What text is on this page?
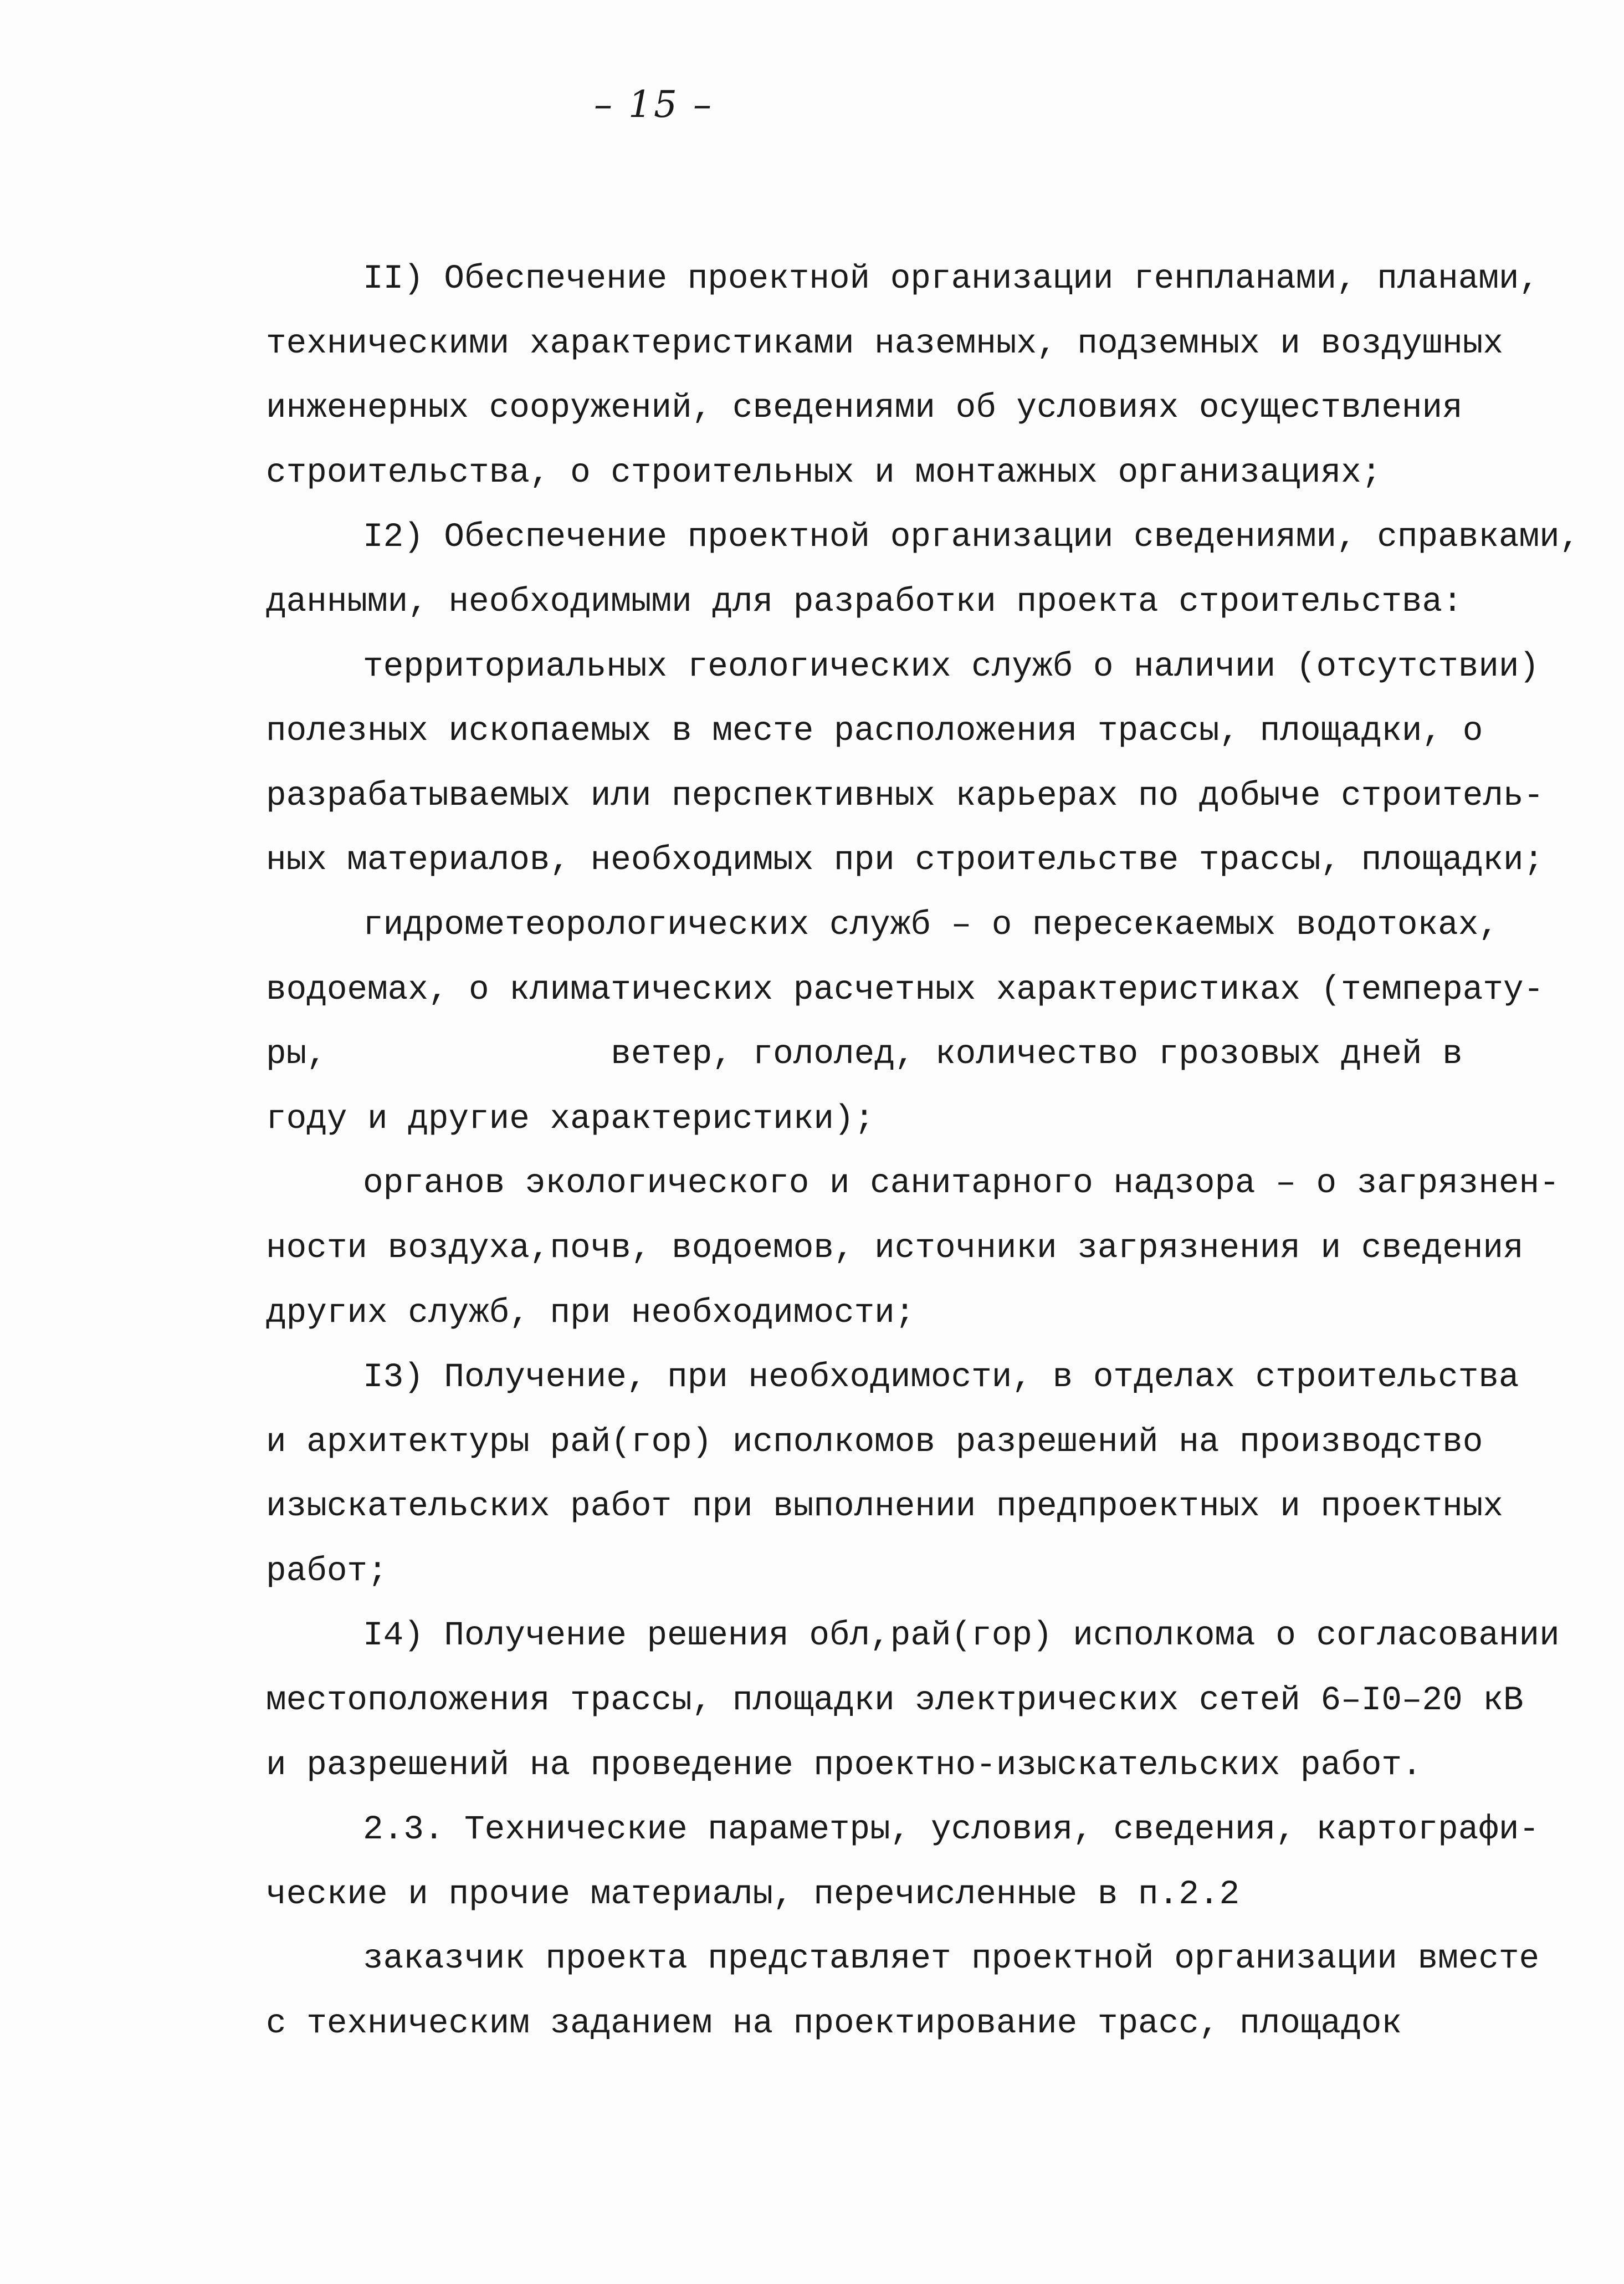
– 15 –
II) Обеспечение проектной организации генпланами, планами,
техническими характеристиками наземных, подземных и воздушных
инженерных сооружений, сведениями об условиях осуществления
строительства, о строительных и монтажных организациях;
I2) Обеспечение проектной организации сведениями, справками,
данными, необходимыми для разработки проекта строительства:
территориальных геологических служб о наличии (отсутствии)
полезных ископаемых в месте расположения трассы, площадки, о
разрабатываемых или перспективных карьерах по добыче строитель-
ных материалов, необходимых при строительстве трассы, площадки;
гидрометеорологических служб – о пересекаемых водотоках,
водоемах, о климатических расчетных характеристиках (температу-
ры,              ветер, гололед, количество грозовых дней в
году и другие характеристики);
органов экологического и санитарного надзора – о загрязнен-
ности воздуха,почв, водоемов, источники загрязнения и сведения
других служб, при необходимости;
I3) Получение, при необходимости, в отделах строительства
и архитектуры рай(гор) исполкомов разрешений на производство
изыскательских работ при выполнении предпроектных и проектных
работ;
I4) Получение решения обл,рай(гор) исполкома о согласовании
местоположения трассы, площадки электрических сетей 6–I0–20 кВ
и разрешений на проведение проектно-изыскательских работ.
2.3. Технические параметры, условия, сведения, картографи-
ческие и прочие материалы, перечисленные в п.2.2
заказчик проекта представляет проектной организации вместе
с техническим заданием на проектирование трасс, площадок
